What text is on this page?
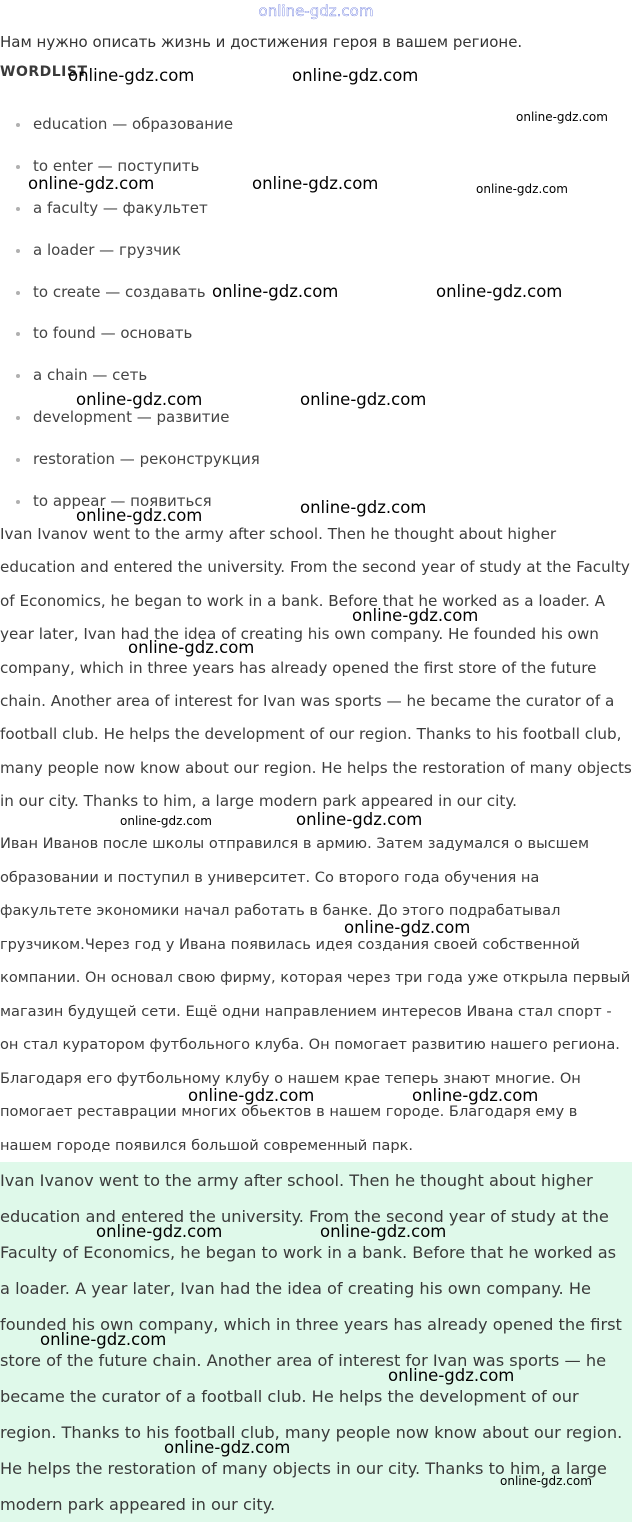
online-gdz.com
Нам нужно описать жизнь и достижения героя в вашем регионе.
WORDLIST
education — образование
to enter — поступить
a faculty — факультет
a loader — грузчик
to create — создавать
to found — основать
a chain — сеть
development — развитие
restoration — реконструкция
to appear — появиться

Ivan Ivanov went to the army after school. Then he thought about higher education and entered the university. From the second year of study at the Faculty of Economics, he began to work in a bank. Before that he worked as a loader. A year later, Ivan had the idea of creating his own company. He founded his own company, which in three years has already opened the first store of the future chain. Another area of interest for Ivan was sports — he became the curator of a football club. He helps the development of our region. Thanks to his football club, many people now know about our region. He helps the restoration of many objects in our city. Thanks to him, a large modern park appeared in our city.

Иван Иванов после школы отправился в армию. Затем задумался о высшем образовании и поступил в университет. Со второго года обучения на факультете экономики начал работать в банке. До этого подрабатывал грузчиком.Через год у Ивана появилась идея создания своей собственной компании. Он основал свою фирму, которая через три года уже открыла первый магазин будущей сети. Ещё одни направлением интересов Ивана стал спорт - он стал куратором футбольного клуба. Он помогает развитию нашего региона. Благодаря его футбольному клубу о нашем крае теперь знают многие. Он помогает реставрации многих обьектов в нашем городе. Благодаря ему в нашем городе появился большой современный парк.

Ivan Ivanov went to the army after school. Then he thought about higher education and entered the university. From the second year of study at the Faculty of Economics, he began to work in a bank. Before that he worked as a loader. A year later, Ivan had the idea of creating his own company. He founded his own company, which in three years has already opened the first store of the future chain. Another area of interest for Ivan was sports — he became the curator of a football club. He helps the development of our region. Thanks to his football club, many people now know about our region. He helps the restoration of many objects in our city. Thanks to him, a large modern park appeared in our city.

online-gdz.com	online-gdz.com
online-gdz.com
online-gdz.com	online-gdz.com	online-gdz.com
online-gdz.com	online-gdz.com
online-gdz.com	online-gdz.com
online-gdz.com
online-gdz.com
online-gdz.com
online-gdz.com
online-gdz.com	online-gdz.com
online-gdz.com
online-gdz.com	online-gdz.com
online-gdz.com	online-gdz.com
online-gdz.com
online-gdz.com
online-gdz.com
online-gdz.com
